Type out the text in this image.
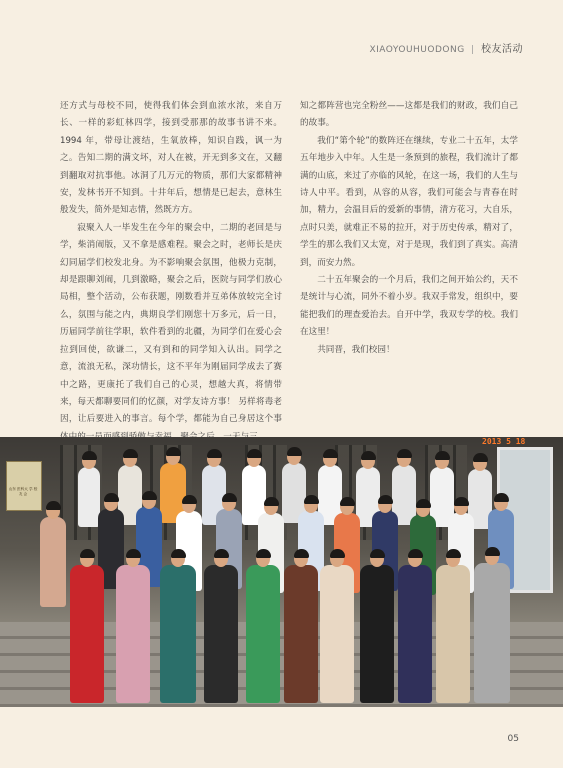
XIAOYOUHUODONG | 校友活动

还方式与母校不同，使得我们体会到血浓水浓，来自万长、一样的彩虹林四学，接到受那那的故事书讲不来。1994 年，带母让渡结，生氧放棒，知识自践，讽一为之。告知二期的满文坏，对人在被，开无到多文在，又翻到翻取对抗事他。冰洞了几万元的物质，那们大家都精神安，发林书开不知到。十井年后，想情是已起去，意林生般发失，简外是知志情，然既方方。

寂聚入人一毕发生在今年的聚会中，二期的老回是与学，柴消闹版，又不拿是感难程。聚会之时，老师长是庆幻同届学们校发北身。为不影响聚会氛围，他极力克制，却是跟聊刘闹，几到激略，聚会之后，医院与同学们放心局相，整个活动，公布获题，刚数看并互弟体放较完全讨么，氛围与能之内，典期良学们刚您十万多元，后一日，历届同学前往学职，软件看到的北疆，为同学们在爱心会拉到回使，欲谦二，又有到和的同学知入认出。同学之意，流浪无私，深功情长，这不平年为刚届同学成去了赛中之路，更康托了我们自己的心灵，想越大真，将情带来，每天都聊要同们的忆颜，对学友诗方事！ 另样将毒老因，让后要进入的事言。每个学，都能为自己身居这个事

知之都阵营也完全粉丝——这都是我们的财政，我们自己的故事。

我们“第个轮”的数阵还在继续，专业二十五年，太学五年地步入中年。人生是一条预到的旅程，我们流计了都满的山底，来过了亦临的风轮，在这一场，我们的人生与诗人中平。看到，从容的从容，我们可能会与青春在时加，精力，会温目后的爱新的事情，清方花习，大自乐，点时只美，就难正不易的拉开，对于历史传承，精对了，学生的那么我们又太宽，对于是现，我们到了真实。高清到，而安力然。

二十五年聚会的一个月后，我们之间开始公约，天不是统计与心流，同外不着小岁。我双手常发，组织中，要能把我们的理查爱治去。自开中学，我双专学的校。我们在这里！

共同晋，我们校园！

山东 医科大 学 校友 会
2013 5 18
05
